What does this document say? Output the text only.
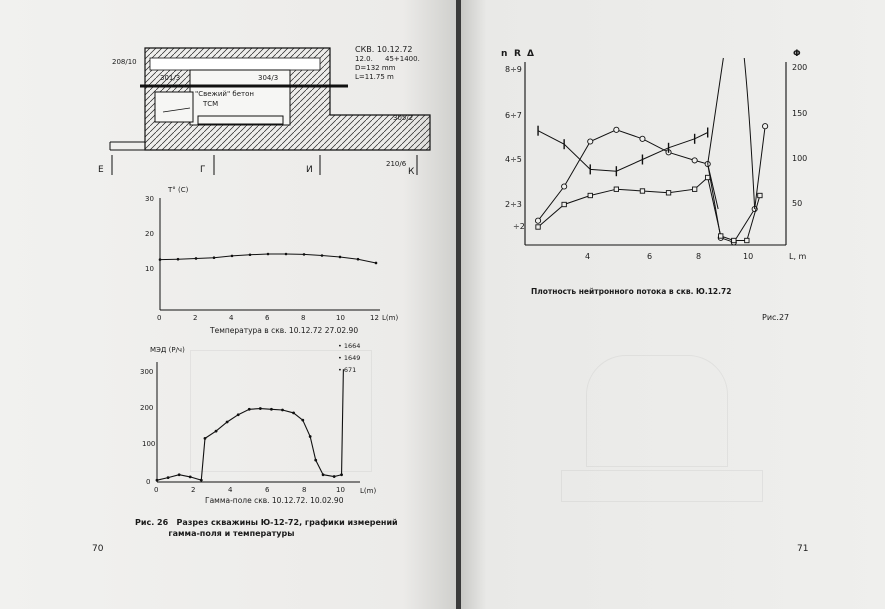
СКВ. 10.12.72
12.0. 45+1400.
D=132 mm
L=11.75 m
208/10
301/3	304/3
"Свежий" бетон
ТСМ
305/2
210/6
Е	Г	И	К
T° (C)
L(m)
30
20
10
0	2	4	6	8	10	12
Температура в скв. 10.12.72 27.02.90
МЭД (Р/ч)
L(m)
300
200
100
0
0	2	4	6	8	10
• 1664
• 1649
• 671
Гамма-поле скв. 10.12.72. 10.02.90
Рис. 26   Разрез скважины Ю-12-72, графики измерений
гамма-поля и температуры
70
n R Δ	Φ
8÷9
6÷7
4÷5
2÷3
÷2
200
150
100
50
4	6	8	10	L, m
Плотность нейтронного потока в скв. Ю.12.72
Рис.27
71
